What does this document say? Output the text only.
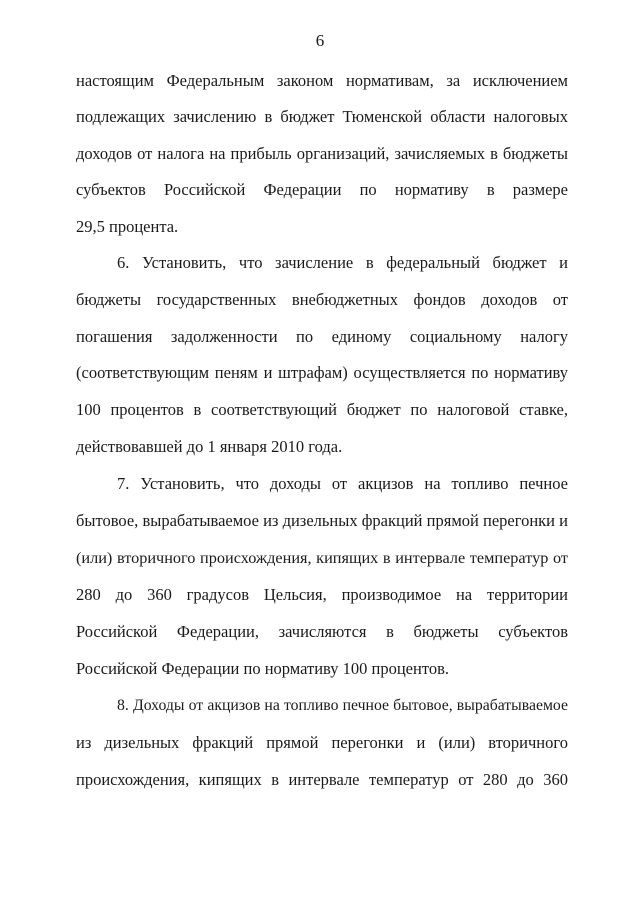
6
настоящим Федеральным законом нормативам, за исключением
подлежащих зачислению в бюджет Тюменской области налоговых
доходов от налога на прибыль организаций, зачисляемых в бюджеты
субъектов Российской Федерации по нормативу в размере
29,5 процента.
6. Установить, что зачисление в федеральный бюджет и
бюджеты государственных внебюджетных фондов доходов от
погашения задолженности по единому социальному налогу
(соответствующим пеням и штрафам) осуществляется по нормативу
100 процентов в соответствующий бюджет по налоговой ставке,
действовавшей до 1 января 2010 года.
7. Установить, что доходы от акцизов на топливо печное
бытовое, вырабатываемое из дизельных фракций прямой перегонки и
(или) вторичного происхождения, кипящих в интервале температур от
280 до 360 градусов Цельсия, производимое на территории
Российской Федерации, зачисляются в бюджеты субъектов
Российской Федерации по нормативу 100 процентов.
8. Доходы от акцизов на топливо печное бытовое, вырабатываемое
из дизельных фракций прямой перегонки и (или) вторичного
происхождения, кипящих в интервале температур от 280 до 360
